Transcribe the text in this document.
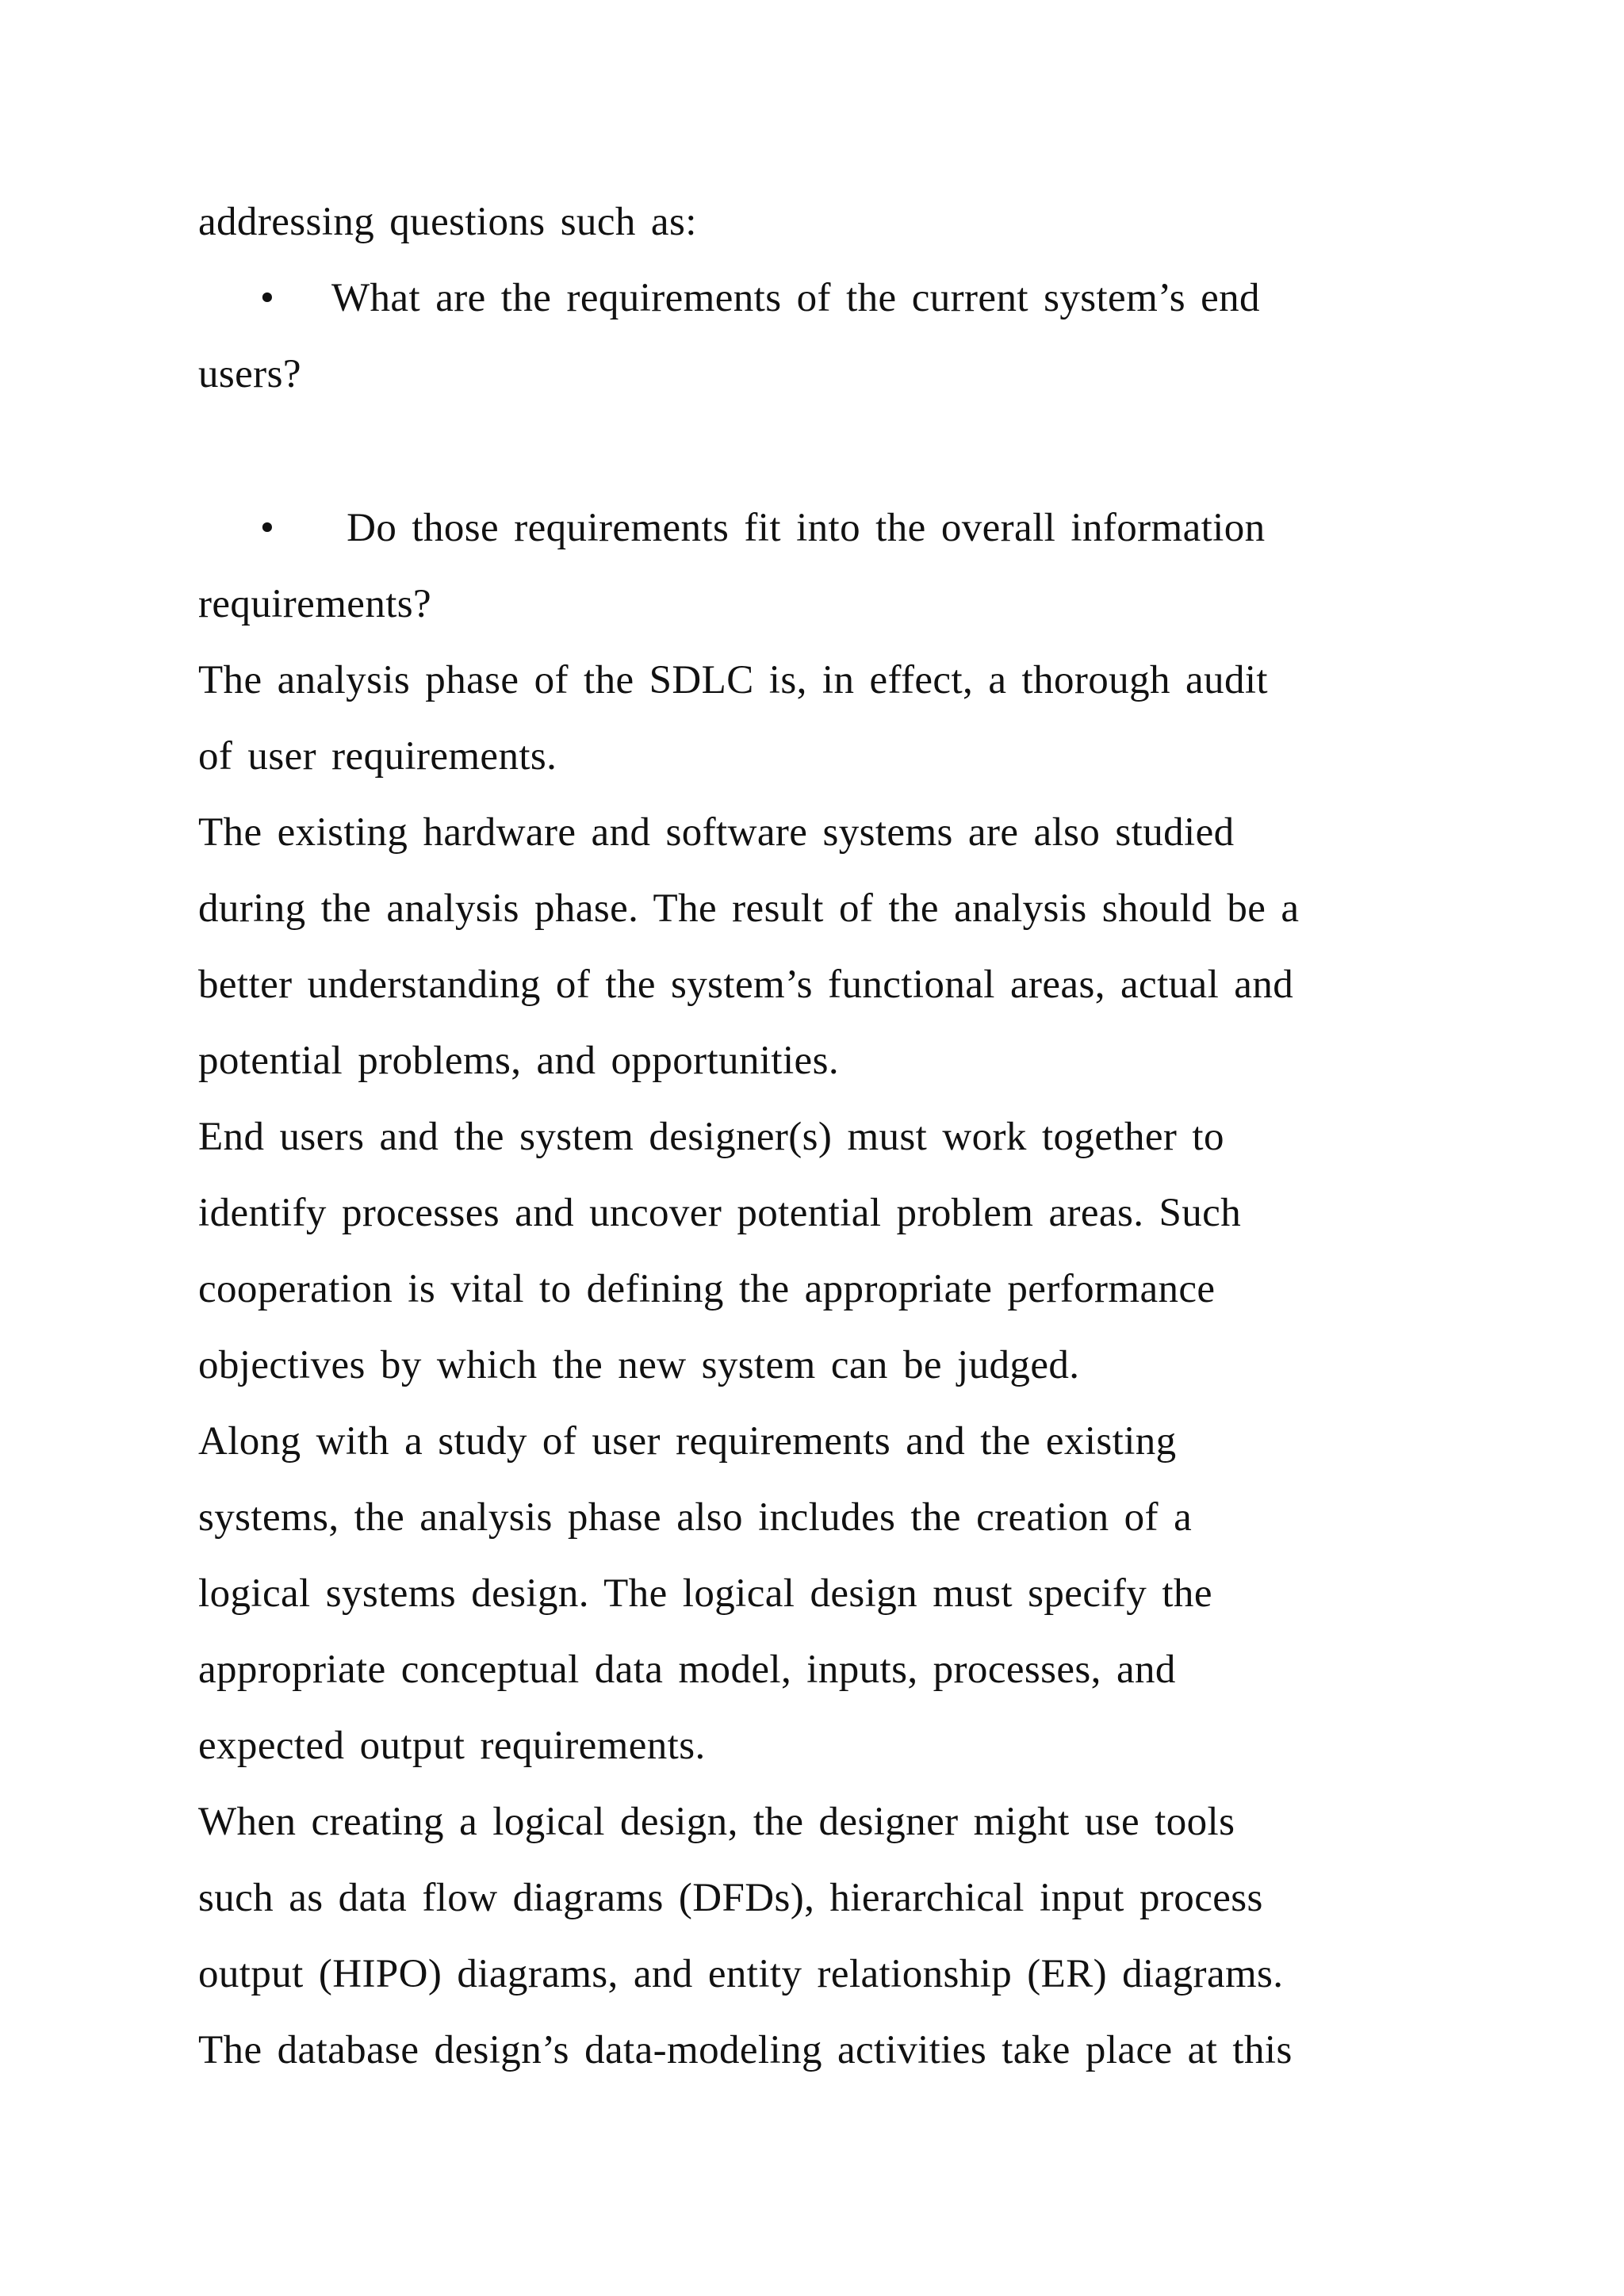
addressing questions such as:
• What are the requirements of the current system’s end
users?
• Do those requirements fit into the overall information
requirements?
The analysis phase of the SDLC is, in effect, a thorough audit
of user requirements.
The existing hardware and software systems are also studied
during the analysis phase. The result of the analysis should be a
better understanding of the system’s functional areas, actual and
potential problems, and opportunities.
End users and the system designer(s) must work together to
identify processes and uncover potential problem areas. Such
cooperation is vital to defining the appropriate performance
objectives by which the new system can be judged.
Along with a study of user requirements and the existing
systems, the analysis phase also includes the creation of a
logical systems design. The logical design must specify the
appropriate conceptual data model, inputs, processes, and
expected output requirements.
When creating a logical design, the designer might use tools
such as data flow diagrams (DFDs), hierarchical input process
output (HIPO) diagrams, and entity relationship (ER) diagrams.
The database design’s data-modeling activities take place at this
